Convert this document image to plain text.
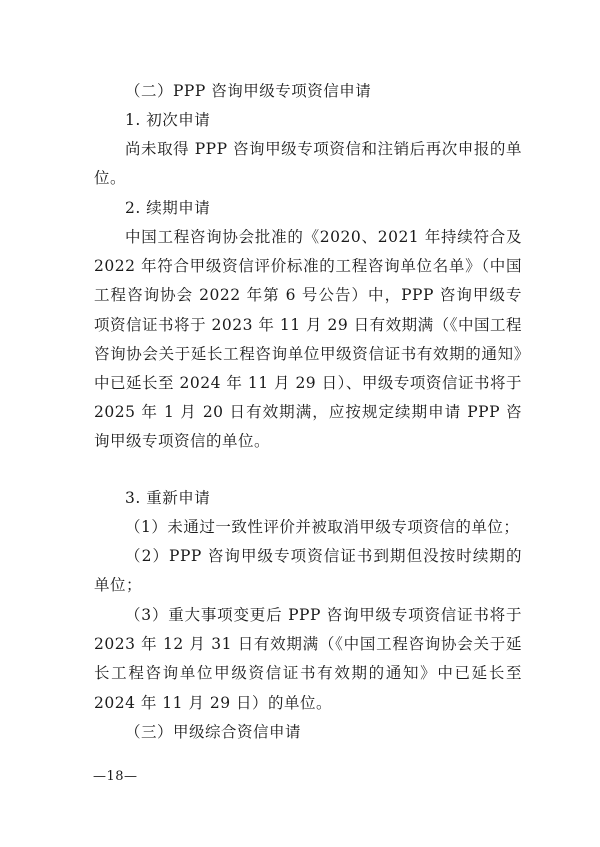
（二）PPP 咨询甲级专项资信申请

1. 初次申请

尚未取得 PPP 咨询甲级专项资信和注销后再次申报的单位。

2. 续期申请

中国工程咨询协会批准的《2020、2021 年持续符合及 2022 年符合甲级资信评价标准的工程咨询单位名单》（中国工程咨询协会 2022 年第 6 号公告）中，PPP 咨询甲级专项资信证书将于 2023 年 11 月 29 日有效期满（《中国工程咨询协会关于延长工程咨询单位甲级资信证书有效期的通知》中已延长至 2024 年 11 月 29 日）、甲级专项资信证书将于 2025 年 1 月 20 日有效期满，应按规定续期申请 PPP 咨询甲级专项资信的单位。

3. 重新申请

（1）未通过一致性评价并被取消甲级专项资信的单位；

（2）PPP 咨询甲级专项资信证书到期但没按时续期的单位；

（3）重大事项变更后 PPP 咨询甲级专项资信证书将于 2023 年 12 月 31 日有效期满（《中国工程咨询协会关于延长工程咨询单位甲级资信证书有效期的通知》中已延长至 2024 年 11 月 29 日）的单位。

（三）甲级综合资信申请

—18—
